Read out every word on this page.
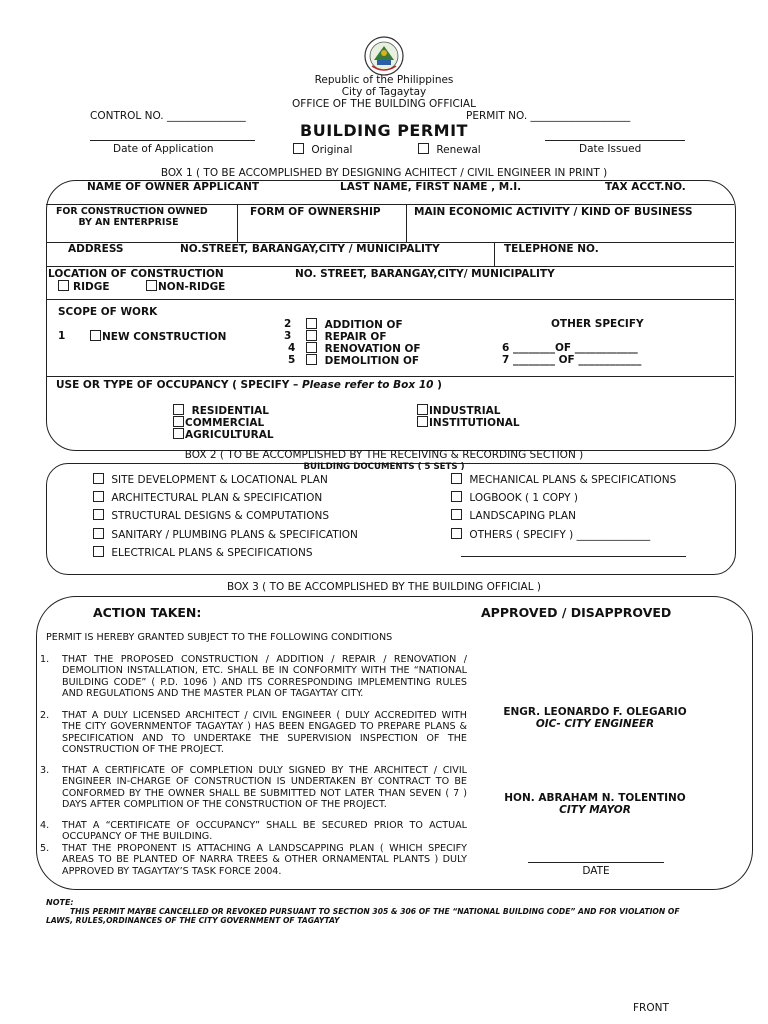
Republic of the Philippines
City of Tagaytay
OFFICE OF THE BUILDING OFFICIAL
CONTROL NO. _______________	PERMIT NO. ___________________
BUILDING PERMIT
Date of Application	Original	Renewal	Date Issued
BOX 1 ( TO BE ACCOMPLISHED BY DESIGNING ACHITECT / CIVIL ENGINEER IN PRINT )
NAME OF OWNER APPLICANT	LAST NAME, FIRST NAME , M.I.	TAX ACCT.NO.
FOR CONSTRUCTION OWNED
BY AN ENTERPRISE
FORM OF OWNERSHIP	MAIN ECONOMIC ACTIVITY / KIND OF BUSINESS
ADDRESS	NO.STREET, BARANGAY,CITY / MUNICIPALITY	TELEPHONE NO.
LOCATION OF CONSTRUCTION	NO. STREET, BARANGAY,CITY/ MUNICIPALITY
RIDGE	NON-RIDGE
SCOPE OF WORK
1	NEW CONSTRUCTION
2	ADDITION OF
3	REPAIR OF
4	RENOVATION OF
5	DEMOLITION OF
OTHER SPECIFY
6 ________OF ____________
7 ________ OF ____________
USE OR TYPE OF OCCUPANCY ( SPECIFY – Please refer to Box 10 )
RESIDENTIAL
COMMERCIAL
AGRICULTURAL
INDUSTRIAL
INSTITUTIONAL
BOX 2 ( TO BE ACCOMPLISHED BY THE RECEIVING & RECORDING SECTION )
BUILDING DOCUMENTS ( 5 SETS )
SITE DEVELOPMENT & LOCATIONAL PLAN
ARCHITECTURAL PLAN & SPECIFICATION
STRUCTURAL DESIGNS & COMPUTATIONS
SANITARY / PLUMBING PLANS & SPECIFICATION
ELECTRICAL PLANS & SPECIFICATIONS
MECHANICAL PLANS & SPECIFICATIONS
LOGBOOK ( 1 COPY )
LANDSCAPING PLAN
OTHERS ( SPECIFY ) ______________
BOX 3 ( TO BE ACCOMPLISHED BY THE BUILDING OFFICIAL )
ACTION TAKEN:	APPROVED / DISAPPROVED
PERMIT IS HEREBY GRANTED SUBJECT TO THE FOLLOWING CONDITIONS
1. THAT THE PROPOSED CONSTRUCTION / ADDITION / REPAIR / RENOVATION / DEMOLITION INSTALLATION, ETC. SHALL BE IN CONFORMITY WITH THE “NATIONAL BUILDING CODE” ( P.D. 1096 ) AND ITS CORRESPONDING IMPLEMENTING RULES AND REGULATIONS AND THE MASTER PLAN OF TAGAYTAY CITY.

2. THAT A DULY LICENSED ARCHITECT / CIVIL ENGINEER ( DULY ACCREDITED WITH THE CITY GOVERNMENTOF TAGAYTAY ) HAS BEEN ENGAGED TO PREPARE PLANS & SPECIFICATION AND TO UNDERTAKE THE SUPERVISION INSPECTION OF THE CONSTRUCTION OF THE PROJECT.

3. THAT A CERTIFICATE OF COMPLETION DULY SIGNED BY THE ARCHITECT / CIVIL ENGINEER IN-CHARGE OF CONSTRUCTION IS UNDERTAKEN BY CONTRACT TO BE CONFORMED BY THE OWNER SHALL BE SUBMITTED NOT LATER THAN SEVEN ( 7 ) DAYS AFTER COMPLITION OF THE CONSTRUCTION OF THE PROJECT.

4. THAT A “CERTIFICATE OF OCCUPANCY” SHALL BE SECURED PRIOR TO ACTUAL OCCUPANCY OF THE BUILDING.

5. THAT THE PROPONENT IS ATTACHING A LANDSCAPPING PLAN ( WHICH SPECIFY AREAS TO BE PLANTED OF NARRA TREES & OTHER ORNAMENTAL PLANTS ) DULY APPROVED BY TAGAYTAY’S TASK FORCE 2004.

ENGR. LEONARDO F. OLEGARIO
OIC- CITY ENGINEER
HON. ABRAHAM N. TOLENTINO
CITY MAYOR
DATE
NOTE:
THIS PERMIT MAYBE CANCELLED OR REVOKED PURSUANT TO SECTION 305 & 306 OF THE “NATIONAL BUILDING CODE” AND FOR VIOLATION OF
LAWS, RULES,ORDINANCES OF THE CITY GOVERNMENT OF TAGAYTAY
FRONT
